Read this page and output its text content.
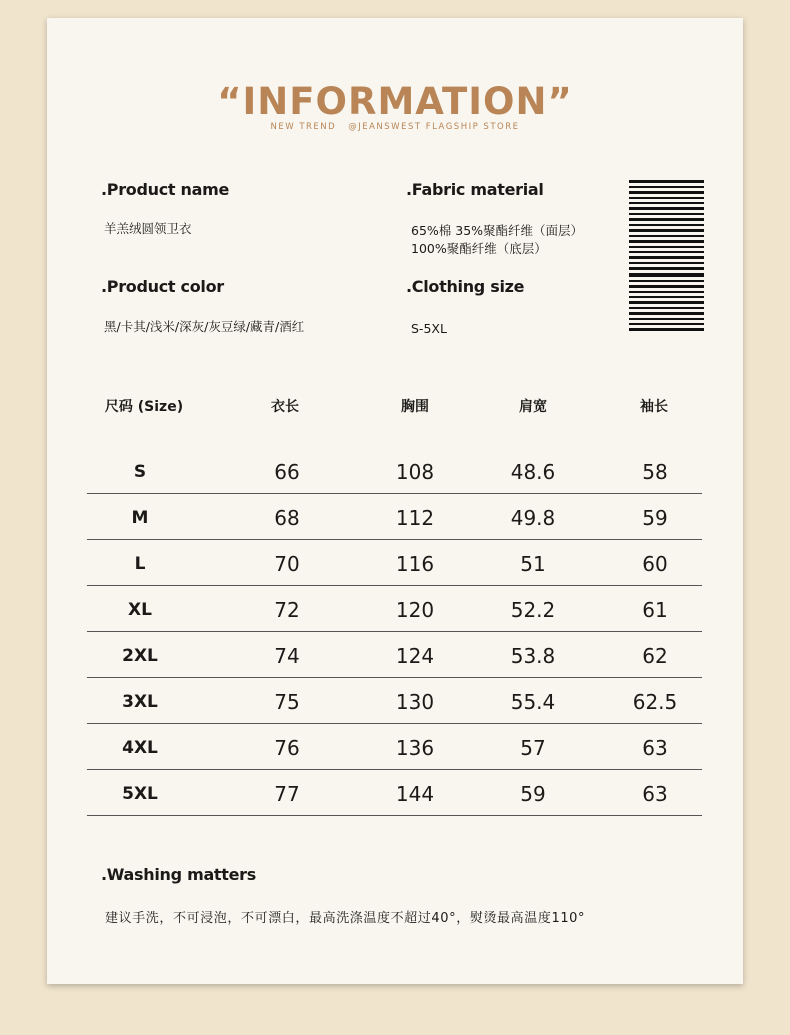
“INFORMATION”
NEW TREND @JEANSWEST FLAGSHIP STORE
.Product name
羊羔绒圆领卫衣
.Fabric material
65%棉 35%聚酯纤维（面层）
100%聚酯纤维（底层）
.Product color
黑/卡其/浅米/深灰/灰豆绿/藏青/酒红
.Clothing size
S-5XL
尺码 (Size)	衣长	胸围	肩宽	袖长
S	66	108	48.6	58
M	68	112	49.8	59
L	70	116	51	60
XL	72	120	52.2	61
2XL	74	124	53.8	62
3XL	75	130	55.4	62.5
4XL	76	136	57	63
5XL	77	144	59	63
.Washing matters
建议手洗，不可浸泡，不可漂白，最高洗涤温度不超过40°，熨烫最高温度110°
